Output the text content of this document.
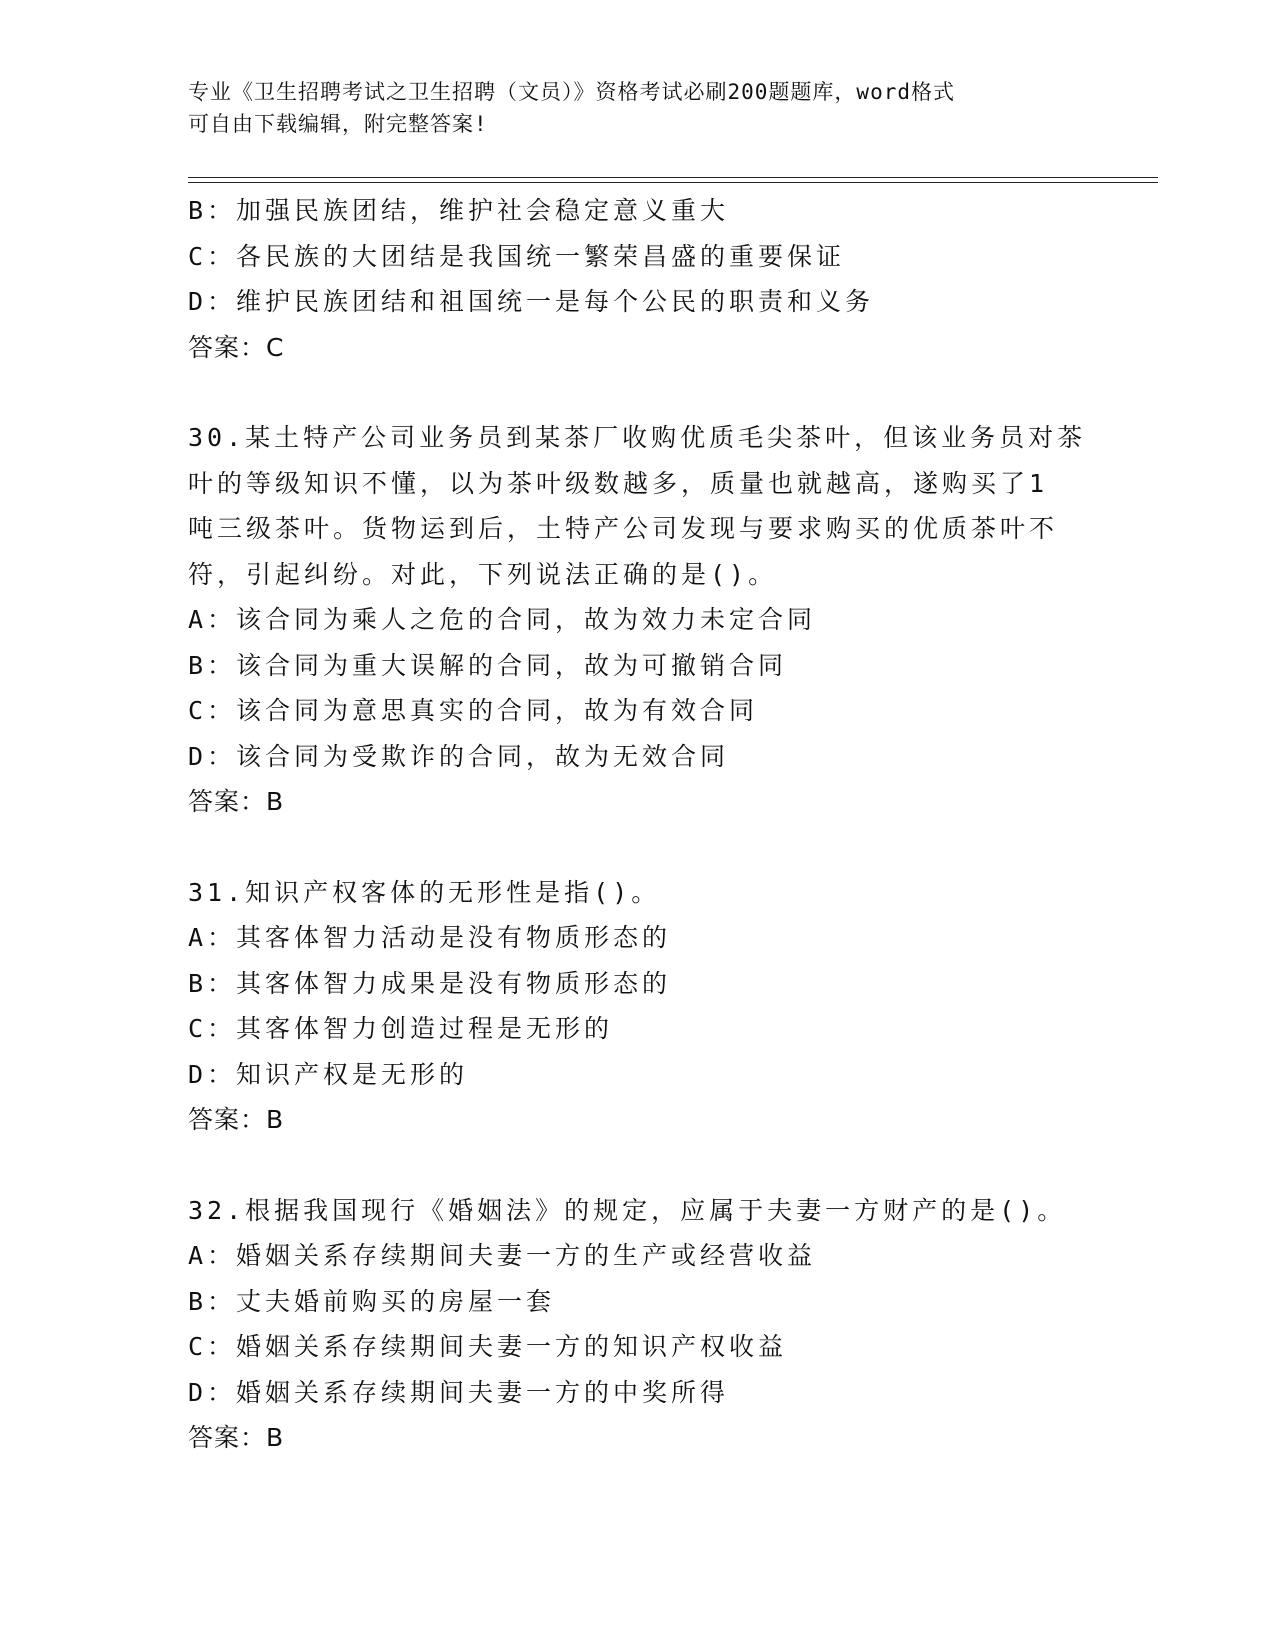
专业《卫生招聘考试之卫生招聘（文员）》资格考试必刷200题题库，word格式
可自由下载编辑，附完整答案!
B：加强民族团结，维护社会稳定意义重大
C：各民族的大团结是我国统一繁荣昌盛的重要保证
D：维护民族团结和祖国统一是每个公民的职责和义务
答案：C
30.某土特产公司业务员到某茶厂收购优质毛尖茶叶，但该业务员对茶
叶的等级知识不懂，以为茶叶级数越多，质量也就越高，遂购买了1
吨三级茶叶。货物运到后，土特产公司发现与要求购买的优质茶叶不
符，引起纠纷。对此，下列说法正确的是()。
A：该合同为乘人之危的合同，故为效力未定合同
B：该合同为重大误解的合同，故为可撤销合同
C：该合同为意思真实的合同，故为有效合同
D：该合同为受欺诈的合同，故为无效合同
答案：B
31.知识产权客体的无形性是指()。
A：其客体智力活动是没有物质形态的
B：其客体智力成果是没有物质形态的
C：其客体智力创造过程是无形的
D：知识产权是无形的
答案：B
32.根据我国现行《婚姻法》的规定，应属于夫妻一方财产的是()。
A：婚姻关系存续期间夫妻一方的生产或经营收益
B：丈夫婚前购买的房屋一套
C：婚姻关系存续期间夫妻一方的知识产权收益
D：婚姻关系存续期间夫妻一方的中奖所得
答案：B
